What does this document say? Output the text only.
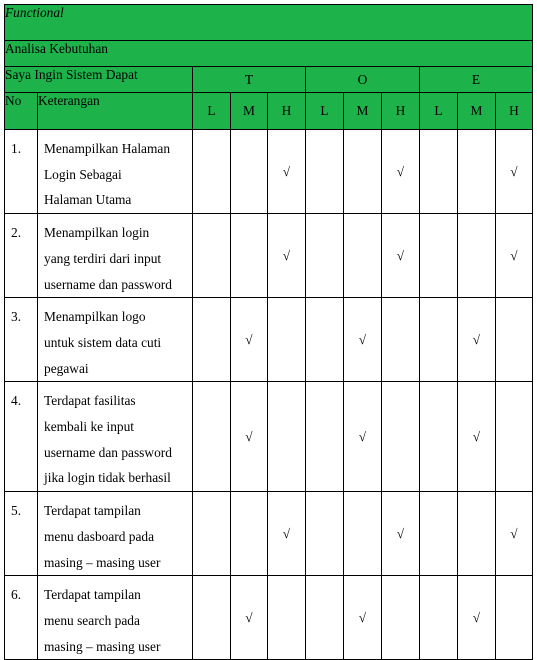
Functional										
Analisa Kebutuhan										
Saya Ingin Sistem Dapat		T			O			E		
No	Keterangan	L	M	H	L	M	H	L	M	H
1.	Menampilkan Halaman
Login Sebagai
Halaman Utama			√			√			√
2.	Menampilkan login
yang terdiri dari input
username dan password			√			√			√
3.	Menampilkan logo
untuk sistem data cuti
pegawai		√			√			√	
4.	Terdapat fasilitas
kembali ke input
username dan password
jika login tidak berhasil		√			√			√	
5.	Terdapat tampilan
menu dasboard pada
masing – masing user			√			√			√
6.	Terdapat tampilan
menu search pada
masing – masing user		√			√			√	
